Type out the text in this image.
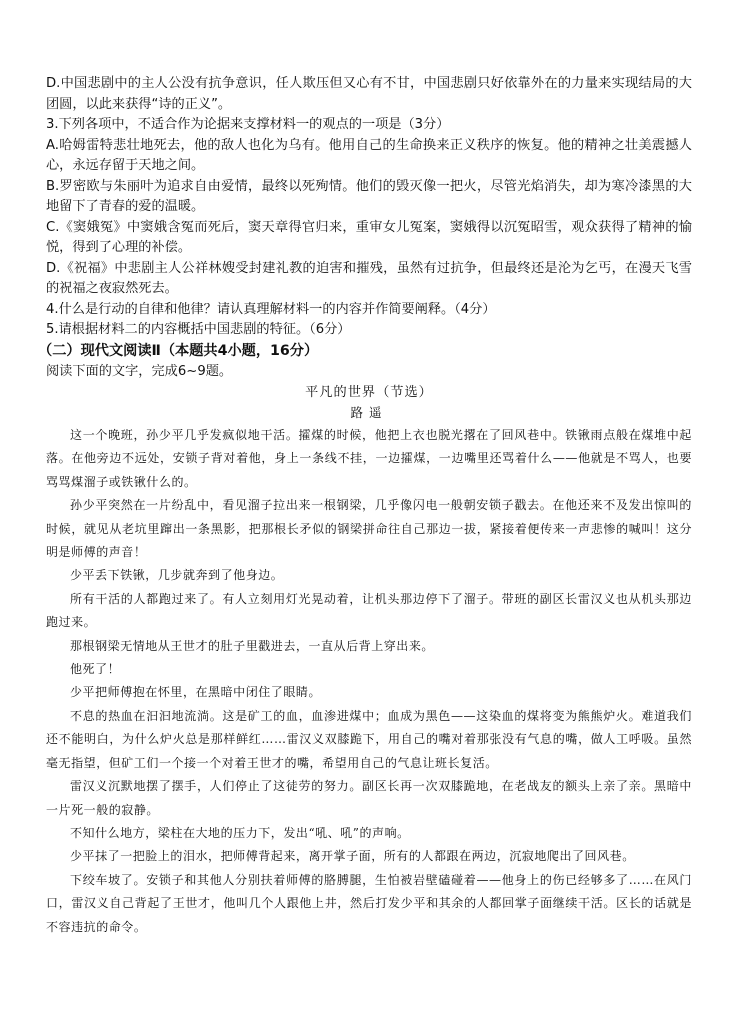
D.中国悲剧中的主人公没有抗争意识，任人欺压但又心有不甘，中国悲剧只好依靠外在的力量来实现结局的大团圆，以此来获得“诗的正义”。

3.下列各项中，不适合作为论据来支撑材料一的观点的一项是（3分）

A.哈姆雷特悲壮地死去，他的敌人也化为乌有。他用自己的生命换来正义秩序的恢复。他的精神之壮美震撼人心，永远存留于天地之间。

B.罗密欧与朱丽叶为追求自由爱情，最终以死殉情。他们的毁灭像一把火，尽管光焰消失，却为寒冷漆黑的大地留下了青春的爱的温暖。

C.《窦娥冤》中窦娥含冤而死后，窦天章得官归来，重审女儿冤案，窦娥得以沉冤昭雪，观众获得了精神的愉悦，得到了心理的补偿。

D.《祝福》中悲剧主人公祥林嫂受封建礼教的迫害和摧残，虽然有过抗争，但最终还是沦为乞丐，在漫天飞雪的祝福之夜寂然死去。

4.什么是行动的自律和他律？请认真理解材料一的内容并作简要阐释。（4分）

5.请根据材料二的内容概括中国悲剧的特征。（6分）

（二）现代文阅读Ⅱ（本题共4小题，16分）

阅读下面的文字，完成6~9题。

平凡的世界（节选）

路遥

这一个晚班，孙少平几乎发疯似地干活。攉煤的时候，他把上衣也脱光撂在了回风巷中。铁锹雨点般在煤堆中起落。在他旁边不远处，安锁子背对着他，身上一条线不挂，一边攉煤，一边嘴里还骂着什么——他就是不骂人，也要骂骂煤溜子或铁锹什么的。

孙少平突然在一片纷乱中，看见溜子拉出来一根钢梁，几乎像闪电一般朝安锁子戳去。在他还来不及发出惊叫的时候，就见从老坑里蹿出一条黑影，把那根长矛似的钢梁拼命往自己那边一拔，紧接着便传来一声悲惨的喊叫！这分明是师傅的声音！

少平丢下铁锹，几步就奔到了他身边。

所有干活的人都跑过来了。有人立刻用灯光晃动着，让机头那边停下了溜子。带班的副区长雷汉义也从机头那边跑过来。

那根钢梁无情地从王世才的肚子里戳进去，一直从后背上穿出来。

他死了！

少平把师傅抱在怀里，在黑暗中闭住了眼睛。

不息的热血在汩汩地流淌。这是矿工的血，血渗进煤中；血成为黑色——这染血的煤将变为熊熊炉火。难道我们还不能明白，为什么炉火总是那样鲜红……雷汉义双膝跪下，用自己的嘴对着那张没有气息的嘴，做人工呼吸。虽然毫无指望，但矿工们一个接一个对着王世才的嘴，希望用自己的气息让班长复活。

雷汉义沉默地摆了摆手，人们停止了这徒劳的努力。副区长再一次双膝跪地，在老战友的额头上亲了亲。黑暗中一片死一般的寂静。

不知什么地方，梁柱在大地的压力下，发出“吼、吼”的声响。

少平抹了一把脸上的泪水，把师傅背起来，离开掌子面，所有的人都跟在两边，沉寂地爬出了回风巷。

下绞车坡了。安锁子和其他人分别扶着师傅的胳膊腿，生怕被岩壁磕碰着——他身上的伤已经够多了……在风门口，雷汉义自己背起了王世才，他叫几个人跟他上井，然后打发少平和其余的人都回掌子面继续干活。区长的话就是不容违抗的命令。
